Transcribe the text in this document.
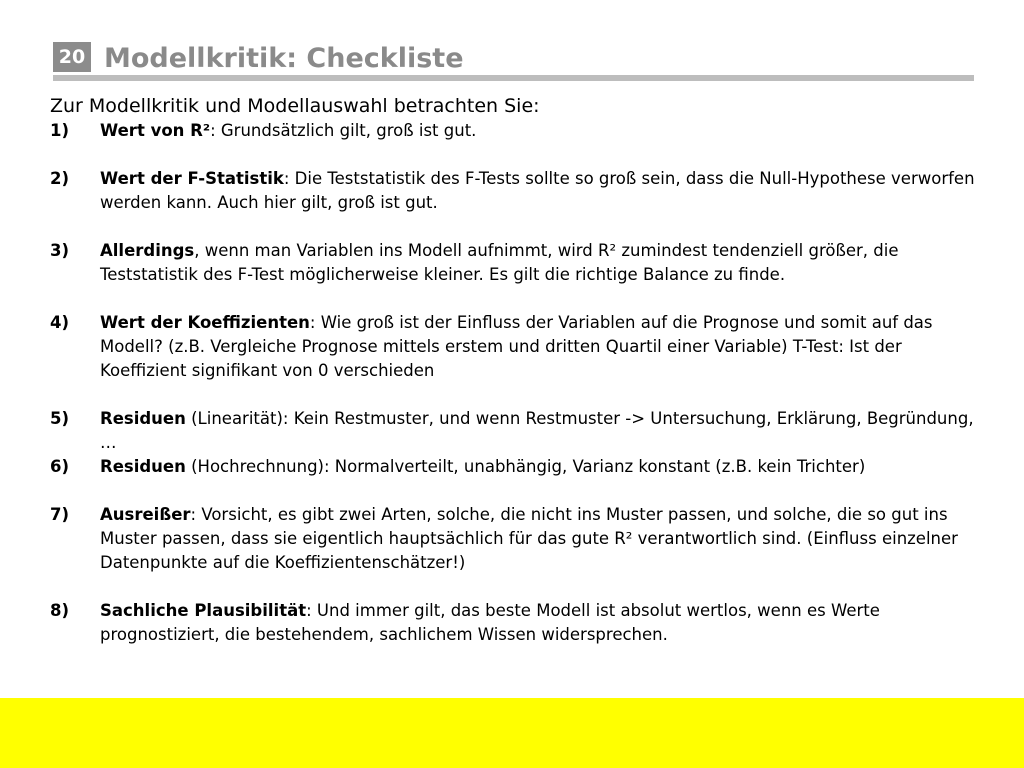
20 Modellkritik: Checkliste
Zur Modellkritik und Modellauswahl betrachten Sie:
1)	Wert von R²: Grundsätzlich gilt, groß ist gut.
2)	Wert der F-Statistik: Die Teststatistik des F-Tests sollte so groß sein, dass die Null-Hypothese verworfen werden kann. Auch hier gilt, groß ist gut.
3)	Allerdings, wenn man Variablen ins Modell aufnimmt, wird R² zumindest tendenziell größer, die Teststatistik des F-Test möglicherweise kleiner. Es gilt die richtige Balance zu finde.
4)	Wert der Koeffizienten: Wie groß ist der Einfluss der Variablen auf die Prognose und somit auf das Modell? (z.B. Vergleiche Prognose mittels erstem und dritten Quartil einer Variable) T-Test: Ist der Koeffizient signifikant von 0 verschieden
5)	Residuen (Linearität): Kein Restmuster, und wenn Restmuster -> Untersuchung, Erklärung, Begründung, …
6)	Residuen (Hochrechnung): Normalverteilt, unabhängig, Varianz konstant (z.B. kein Trichter)
7)	Ausreißer: Vorsicht, es gibt zwei Arten, solche, die nicht ins Muster passen, und solche, die so gut ins Muster passen, dass sie eigentlich hauptsächlich für das gute R² verantwortlich sind. (Einfluss einzelner Datenpunkte auf die Koeffizientenschätzer!)
8)	Sachliche Plausibilität: Und immer gilt, das beste Modell ist absolut wertlos, wenn es Werte prognostiziert, die bestehendem, sachlichem Wissen widersprechen.
